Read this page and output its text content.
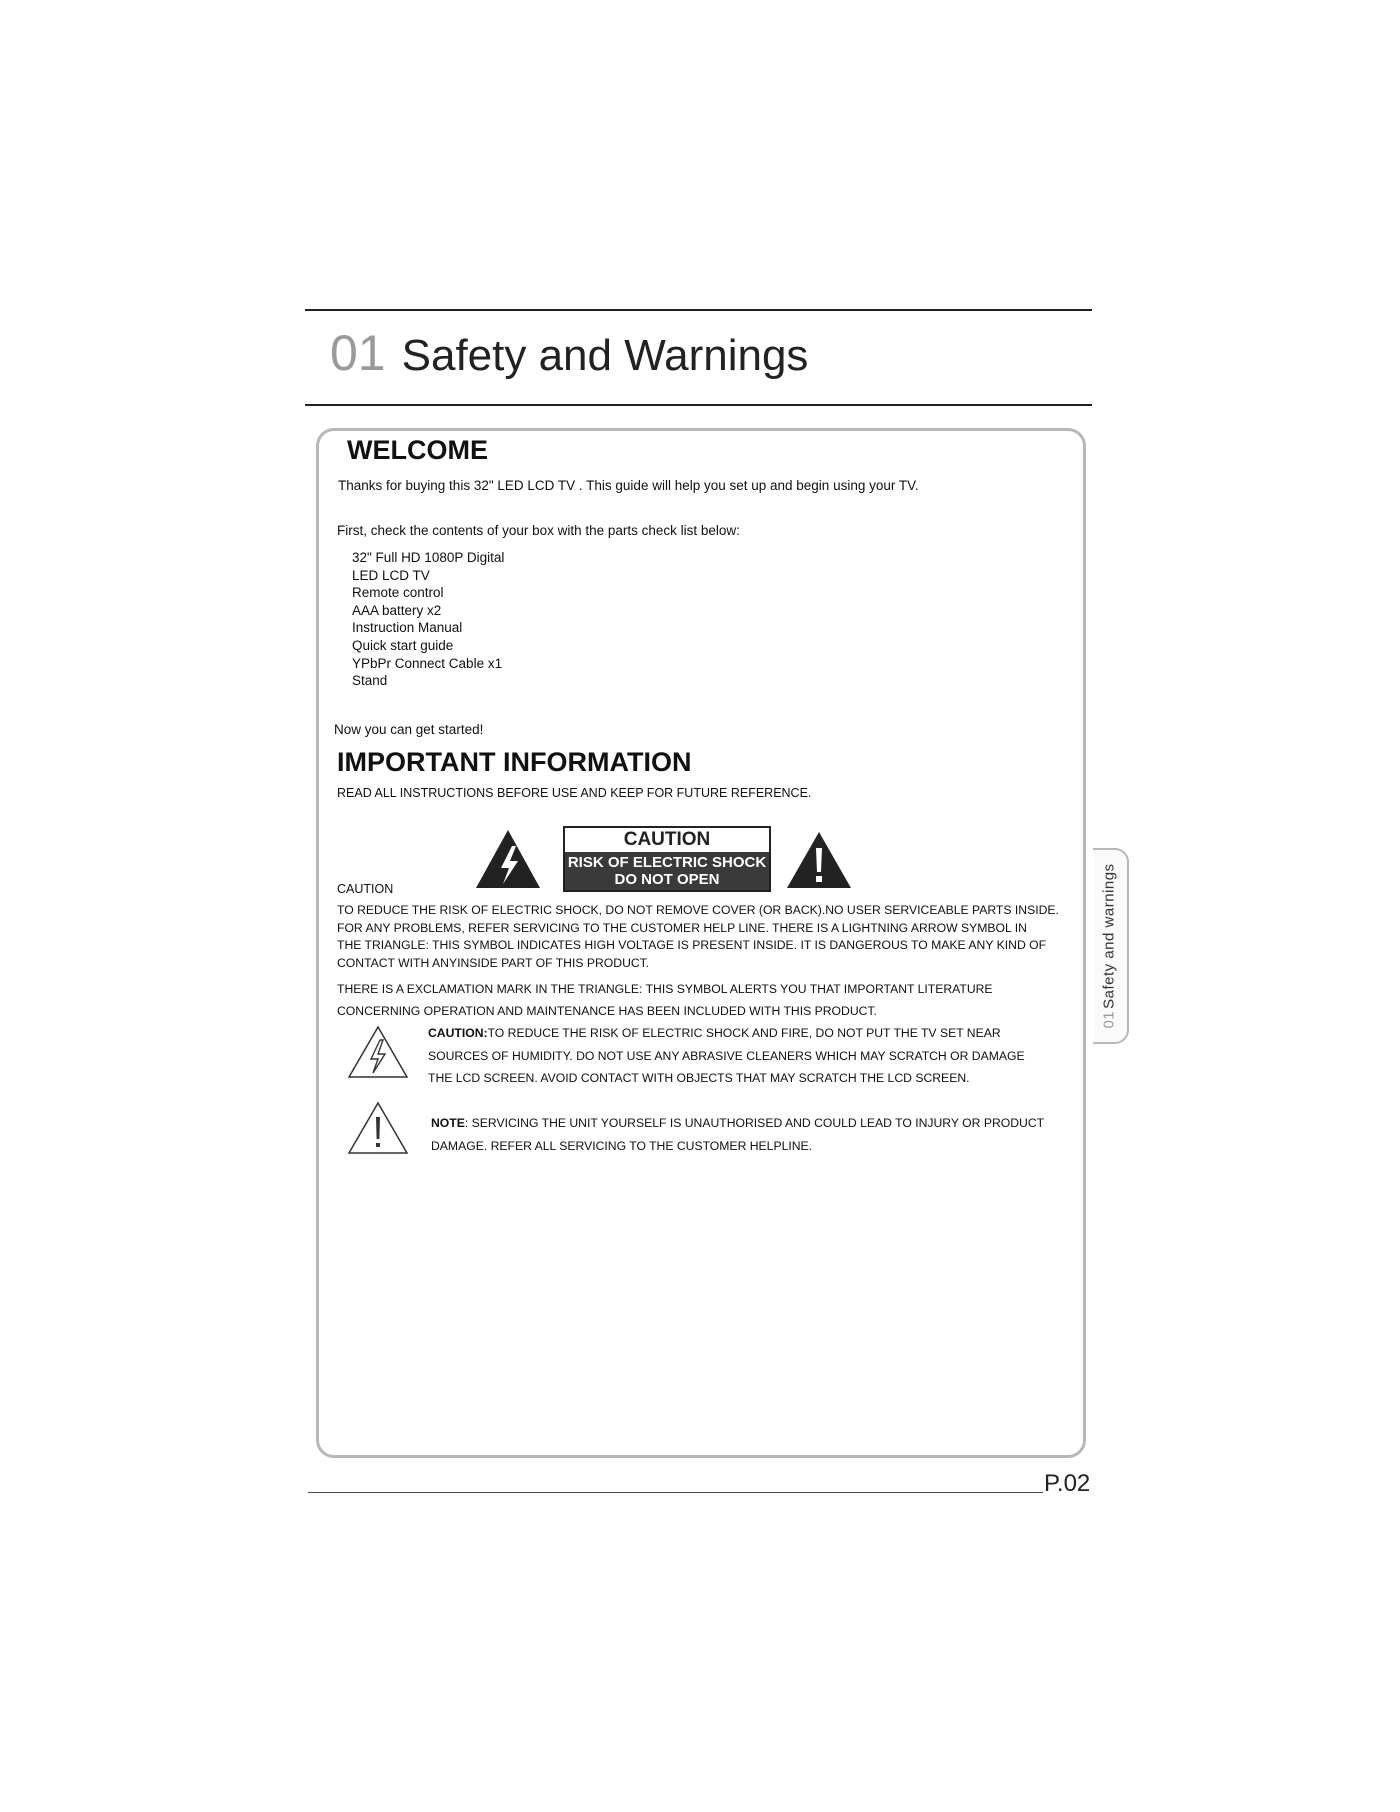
01 Safety and Warnings
01Safety and warnings
WELCOME
Thanks for buying this 32" LED LCD TV . This guide will help you set up and begin using your TV.
First, check the contents of your box with the parts check list below:
32" Full HD 1080P Digital
LED LCD TV
Remote control
AAA battery x2
Instruction Manual
Quick start guide
YPbPr Connect Cable x1
Stand
Now you can get started!
IMPORTANT INFORMATION
READ ALL INSTRUCTIONS BEFORE USE AND KEEP FOR FUTURE REFERENCE.
CAUTION
RISK OF ELECTRIC SHOCK
DO NOT OPEN
CAUTION
TO REDUCE THE RISK OF ELECTRIC SHOCK, DO NOT REMOVE COVER (OR BACK).NO USER SERVICEABLE PARTS INSIDE.
FOR ANY PROBLEMS, REFER SERVICING TO THE CUSTOMER HELP LINE. THERE IS A LIGHTNING ARROW SYMBOL IN
THE TRIANGLE: THIS SYMBOL INDICATES HIGH VOLTAGE IS PRESENT INSIDE. IT IS DANGEROUS TO MAKE ANY KIND OF
CONTACT WITH ANYINSIDE PART OF THIS PRODUCT.
THERE IS A EXCLAMATION MARK IN THE TRIANGLE: THIS SYMBOL ALERTS YOU THAT IMPORTANT LITERATURE
CONCERNING OPERATION AND MAINTENANCE HAS BEEN INCLUDED WITH THIS PRODUCT.
CAUTION:TO REDUCE THE RISK OF ELECTRIC SHOCK AND FIRE, DO NOT PUT THE TV SET NEAR
SOURCES OF HUMIDITY. DO NOT USE ANY ABRASIVE CLEANERS WHICH MAY SCRATCH OR DAMAGE
THE LCD SCREEN. AVOID CONTACT WITH OBJECTS THAT MAY SCRATCH THE LCD SCREEN.
NOTE: SERVICING THE UNIT YOURSELF IS UNAUTHORISED AND COULD LEAD TO INJURY OR PRODUCT
DAMAGE. REFER ALL SERVICING TO THE CUSTOMER HELPLINE.
P.02
